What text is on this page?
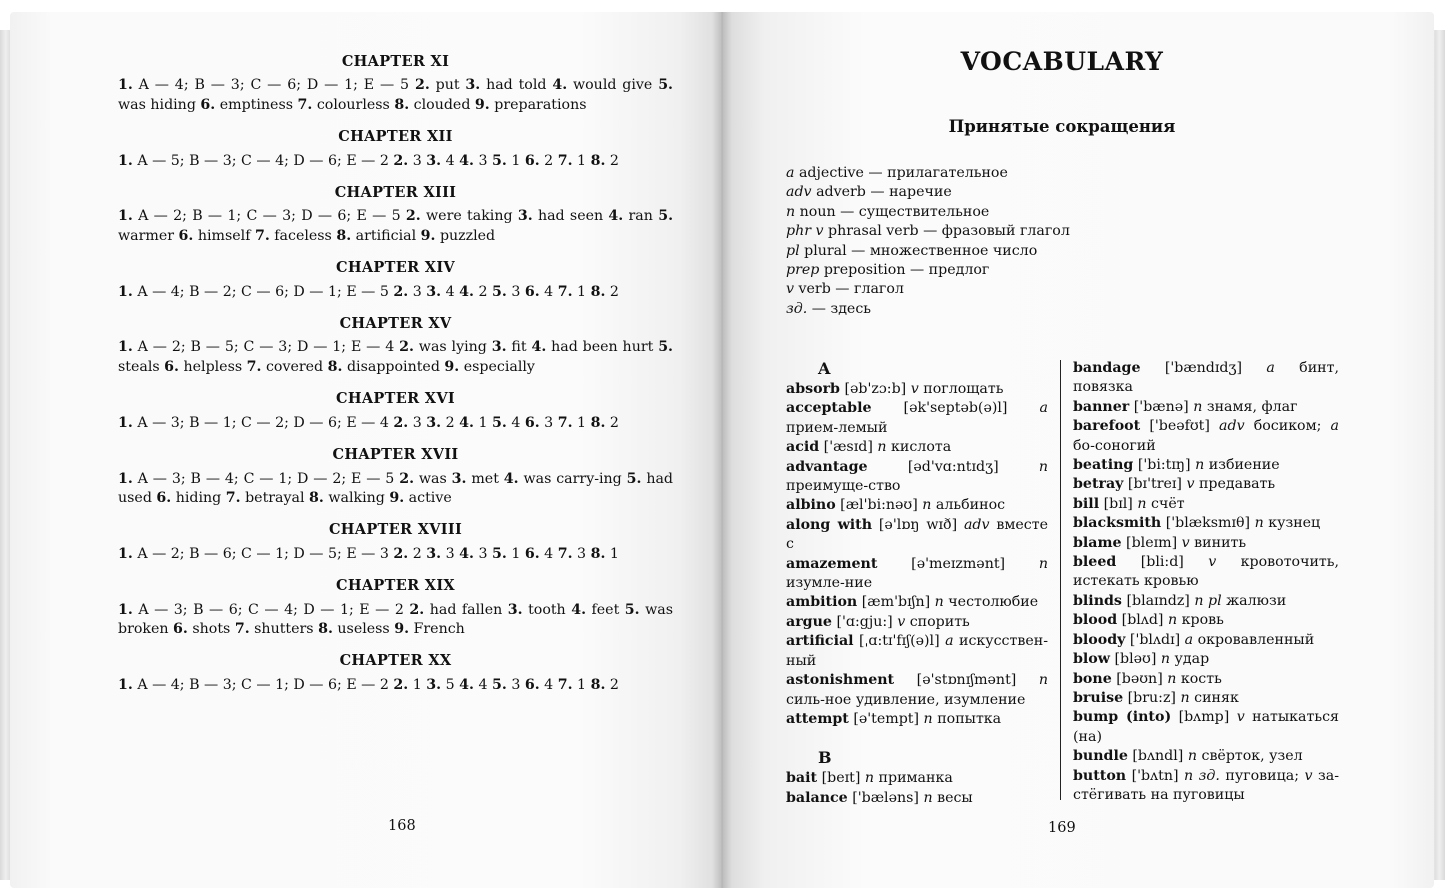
CHAPTER XI

1. A — 4; B — 3; C — 6; D — 1; E — 5 2. put 3. had told 4. would give 5. was hiding 6. emptiness 7. colourless 8. clouded 9. preparations

CHAPTER XII

1. A — 5; B — 3; C — 4; D — 6; E — 2 2. 3 3. 4 4. 3 5. 1 6. 2 7. 1 8. 2

CHAPTER XIII

1. A — 2; B — 1; C — 3; D — 6; E — 5 2. were taking 3. had seen 4. ran 5. warmer 6. himself 7. faceless 8. artificial 9. puzzled

CHAPTER XIV

1. A — 4; B — 2; C — 6; D — 1; E — 5 2. 3 3. 4 4. 2 5. 3 6. 4 7. 1 8. 2

CHAPTER XV

1. A — 2; B — 5; C — 3; D — 1; E — 4 2. was lying 3. fit 4. had been hurt 5. steals 6. helpless 7. covered 8. disappointed 9. especially

CHAPTER XVI

1. A — 3; B — 1; C — 2; D — 6; E — 4 2. 3 3. 2 4. 1 5. 4 6. 3 7. 1 8. 2

CHAPTER XVII

1. A — 3; B — 4; C — 1; D — 2; E — 5 2. was 3. met 4. was carry-ing 5. had used 6. hiding 7. betrayal 8. walking 9. active

CHAPTER XVIII

1. A — 2; B — 6; C — 1; D — 5; E — 3 2. 2 3. 3 4. 3 5. 1 6. 4 7. 3 8. 1

CHAPTER XIX

1. A — 3; B — 6; C — 4; D — 1; E — 2 2. had fallen 3. tooth 4. feet 5. was broken 6. shots 7. shutters 8. useless 9. French

CHAPTER XX

1. A — 4; B — 3; C — 1; D — 6; E — 2 2. 1 3. 5 4. 4 5. 3 6. 4 7. 1 8. 2

168
VOCABULARY
Принятые сокращения
a adjective — прилагательное
adv adverb — наречие
n noun — существительное
phr v phrasal verb — фразовый глагол
pl plural — множественное число
prep preposition — предлог
v verb — глагол
зд. — здесь
A
absorb [əb'zɔ:b] v поглощать
acceptable [ək'septəb(ə)l] a прием-лемый
acid ['æsɪd] n кислота
advantage [əd'vɑ:ntɪdʒ] n преимуще-ство
albino [æl'bi:nəʊ] n альбинос
along with [ə'lɒŋ wɪð] adv вместе с
amazement [ə'meɪzmənt] n изумле-ние
ambition [æm'bɪʃn] n честолюбие
argue ['ɑ:gju:] v спорить
artificial [ˌɑ:tɪ'fɪʃ(ə)l] a искусствен-ный
astonishment [ə'stɒnɪʃmənt] n силь-ное удивление, изумление
attempt [ə'tempt] n попытка
B
bait [beɪt] n приманка
balance ['bæləns] n весы
bandage ['bændɪdʒ] a бинт, повязка
banner ['bænə] n знамя, флаг
barefoot ['beəfʊt] adv босиком; a бо-соногий
beating ['bi:tɪŋ] n избиение
betray [bɪ'treɪ] v предавать
bill [bɪl] n счёт
blacksmith ['blæksmɪθ] n кузнец
blame [bleɪm] v винить
bleed [bli:d] v кровоточить, истекать кровью
blinds [blaɪndz] n pl жалюзи
blood [blʌd] n кровь
bloody ['blʌdɪ] a окровавленный
blow [bləʊ] n удар
bone [bəʊn] n кость
bruise [bru:z] n синяк
bump (into) [bʌmp] v натыкаться (на)
bundle [bʌndl] n свёрток, узел
button ['bʌtn] n зд. пуговица; v за-стёгивать на пуговицы
169
